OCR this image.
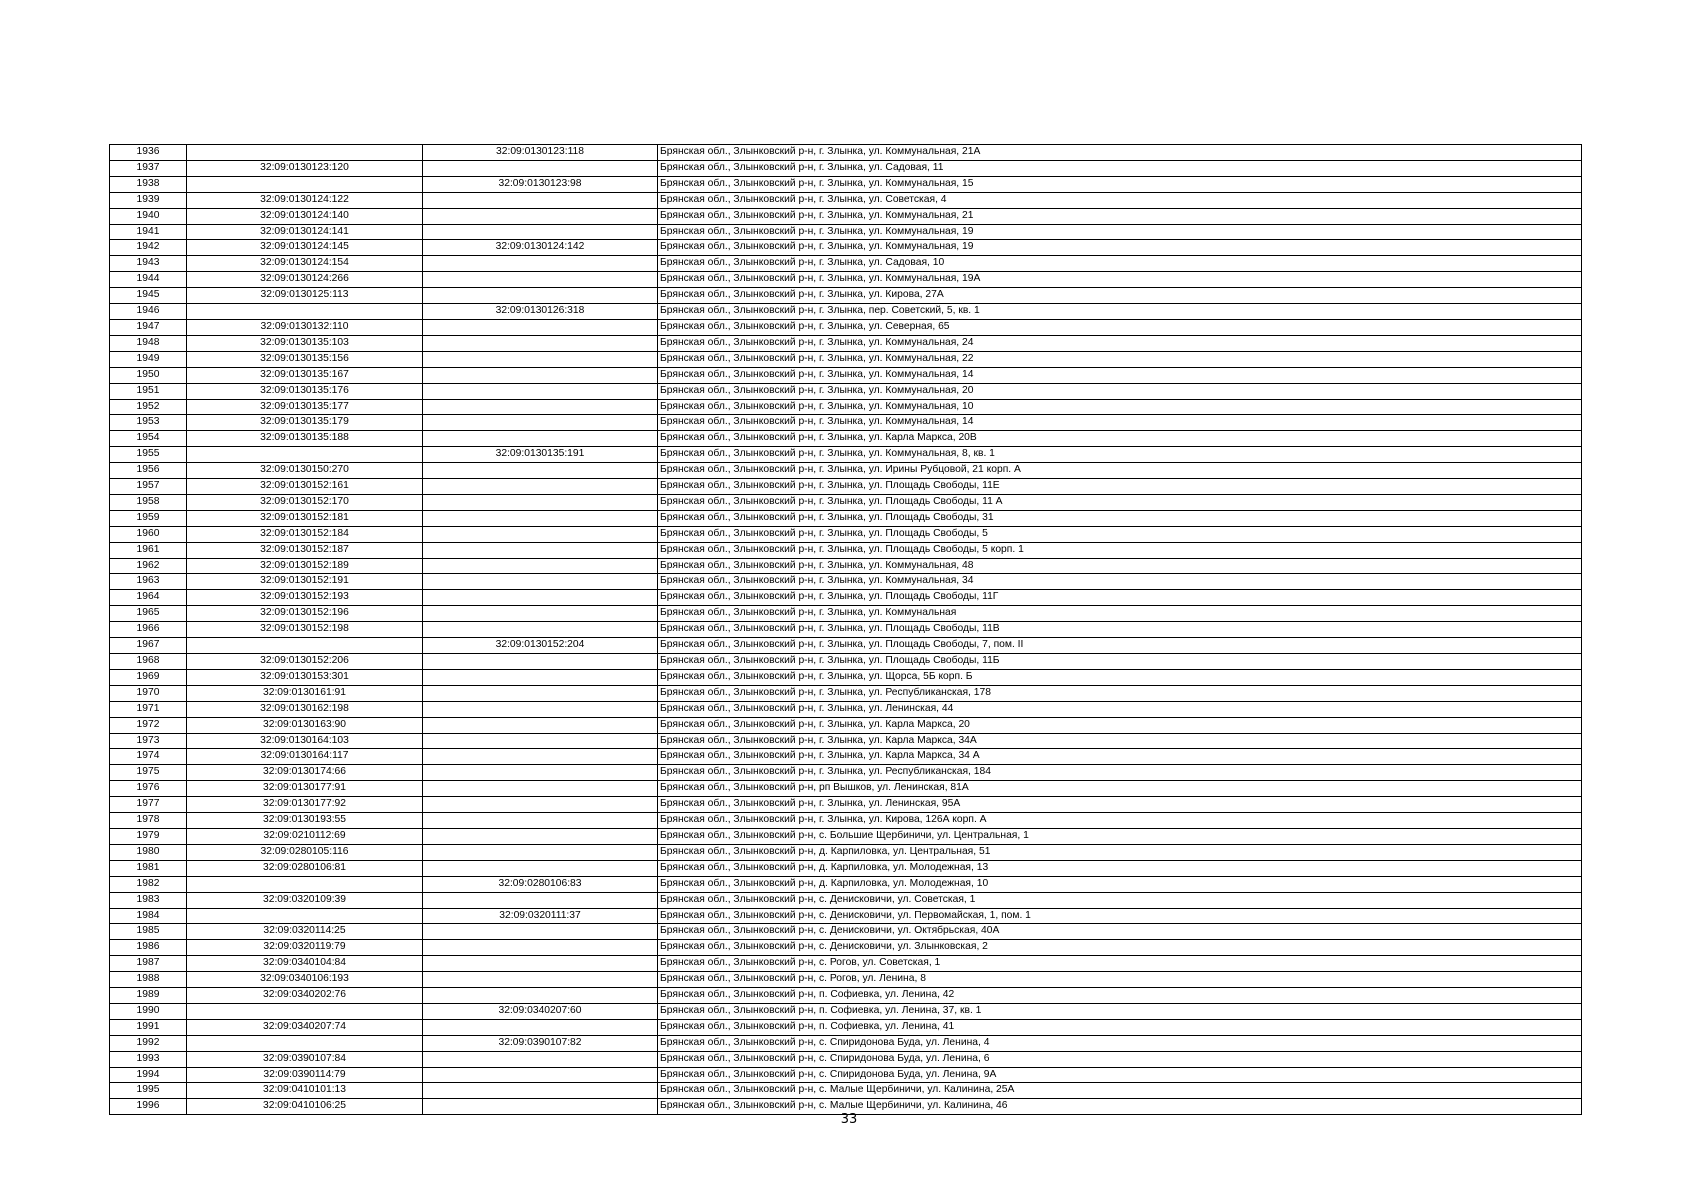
1936		32:09:0130123:118	Брянская обл., Злынковский р-н, г. Злынка, ул. Коммунальная, 21А
1937	32:09:0130123:120		Брянская обл., Злынковский р-н, г. Злынка, ул. Садовая, 11
1938		32:09:0130123:98	Брянская обл., Злынковский р-н, г. Злынка, ул. Коммунальная, 15
1939	32:09:0130124:122		Брянская обл., Злынковский р-н, г. Злынка, ул. Советская, 4
1940	32:09:0130124:140		Брянская обл., Злынковский р-н, г. Злынка, ул. Коммунальная, 21
1941	32:09:0130124:141		Брянская обл., Злынковский р-н, г. Злынка, ул. Коммунальная, 19
1942	32:09:0130124:145	32:09:0130124:142	Брянская обл., Злынковский р-н, г. Злынка, ул. Коммунальная, 19
1943	32:09:0130124:154		Брянская обл., Злынковский р-н, г. Злынка, ул. Садовая, 10
1944	32:09:0130124:266		Брянская обл., Злынковский р-н, г. Злынка, ул. Коммунальная, 19А
1945	32:09:0130125:113		Брянская обл., Злынковский р-н, г. Злынка, ул. Кирова, 27А
1946		32:09:0130126:318	Брянская обл., Злынковский р-н, г. Злынка, пер. Советский, 5, кв. 1
1947	32:09:0130132:110		Брянская обл., Злынковский р-н, г. Злынка, ул. Северная, 65
1948	32:09:0130135:103		Брянская обл., Злынковский р-н, г. Злынка, ул. Коммунальная, 24
1949	32:09:0130135:156		Брянская обл., Злынковский р-н, г. Злынка, ул. Коммунальная, 22
1950	32:09:0130135:167		Брянская обл., Злынковский р-н, г. Злынка, ул. Коммунальная, 14
1951	32:09:0130135:176		Брянская обл., Злынковский р-н, г. Злынка, ул. Коммунальная, 20
1952	32:09:0130135:177		Брянская обл., Злынковский р-н, г. Злынка, ул. Коммунальная, 10
1953	32:09:0130135:179		Брянская обл., Злынковский р-н, г. Злынка, ул. Коммунальная, 14
1954	32:09:0130135:188		Брянская обл., Злынковский р-н, г. Злынка, ул. Карла Маркса, 20В
1955		32:09:0130135:191	Брянская обл., Злынковский р-н, г. Злынка, ул. Коммунальная, 8, кв. 1
1956	32:09:0130150:270		Брянская обл., Злынковский р-н, г. Злынка, ул. Ирины Рубцовой, 21 корп. А
1957	32:09:0130152:161		Брянская обл., Злынковский р-н, г. Злынка, ул. Площадь Свободы, 11Е
1958	32:09:0130152:170		Брянская обл., Злынковский р-н, г. Злынка, ул. Площадь Свободы, 11 А
1959	32:09:0130152:181		Брянская обл., Злынковский р-н, г. Злынка, ул. Площадь Свободы, 31
1960	32:09:0130152:184		Брянская обл., Злынковский р-н, г. Злынка, ул. Площадь Свободы, 5
1961	32:09:0130152:187		Брянская обл., Злынковский р-н, г. Злынка, ул. Площадь Свободы, 5 корп. 1
1962	32:09:0130152:189		Брянская обл., Злынковский р-н, г. Злынка, ул. Коммунальная, 48
1963	32:09:0130152:191		Брянская обл., Злынковский р-н, г. Злынка, ул. Коммунальная, 34
1964	32:09:0130152:193		Брянская обл., Злынковский р-н, г. Злынка, ул. Площадь Свободы, 11Г
1965	32:09:0130152:196		Брянская обл., Злынковский р-н, г. Злынка, ул. Коммунальная
1966	32:09:0130152:198		Брянская обл., Злынковский р-н, г. Злынка, ул. Площадь Свободы, 11В
1967		32:09:0130152:204	Брянская обл., Злынковский р-н, г. Злынка, ул. Площадь Свободы, 7, пом. II
1968	32:09:0130152:206		Брянская обл., Злынковский р-н, г. Злынка, ул. Площадь Свободы, 11Б
1969	32:09:0130153:301		Брянская обл., Злынковский р-н, г. Злынка, ул. Щорса, 5Б корп. Б
1970	32:09:0130161:91		Брянская обл., Злынковский р-н, г. Злынка, ул. Республиканская, 178
1971	32:09:0130162:198		Брянская обл., Злынковский р-н, г. Злынка, ул. Ленинская, 44
1972	32:09:0130163:90		Брянская обл., Злынковский р-н, г. Злынка, ул. Карла Маркса, 20
1973	32:09:0130164:103		Брянская обл., Злынковский р-н, г. Злынка, ул. Карла Маркса, 34А
1974	32:09:0130164:117		Брянская обл., Злынковский р-н, г. Злынка, ул. Карла Маркса, 34 А
1975	32:09:0130174:66		Брянская обл., Злынковский р-н, г. Злынка, ул. Республиканская, 184
1976	32:09:0130177:91		Брянская обл., Злынковский р-н, рп Вышков, ул. Ленинская, 81А
1977	32:09:0130177:92		Брянская обл., Злынковский р-н, г. Злынка, ул. Ленинская, 95А
1978	32:09:0130193:55		Брянская обл., Злынковский р-н, г. Злынка, ул. Кирова, 126А корп. А
1979	32:09:0210112:69		Брянская обл., Злынковский р-н, с. Большие Щербиничи, ул. Центральная, 1
1980	32:09:0280105:116		Брянская обл., Злынковский р-н, д. Карпиловка, ул. Центральная, 51
1981	32:09:0280106:81		Брянская обл., Злынковский р-н, д. Карпиловка, ул. Молодежная, 13
1982		32:09:0280106:83	Брянская обл., Злынковский р-н, д. Карпиловка, ул. Молодежная, 10
1983	32:09:0320109:39		Брянская обл., Злынковский р-н, с. Денисковичи, ул. Советская, 1
1984		32:09:0320111:37	Брянская обл., Злынковский р-н, с. Денисковичи, ул. Первомайская, 1, пом. 1
1985	32:09:0320114:25		Брянская обл., Злынковский р-н, с. Денисковичи, ул. Октябрьская, 40А
1986	32:09:0320119:79		Брянская обл., Злынковский р-н, с. Денисковичи, ул. Злынковская, 2
1987	32:09:0340104:84		Брянская обл., Злынковский р-н, с. Рогов, ул. Советская, 1
1988	32:09:0340106:193		Брянская обл., Злынковский р-н, с. Рогов, ул. Ленина, 8
1989	32:09:0340202:76		Брянская обл., Злынковский р-н, п. Софиевка, ул. Ленина, 42
1990		32:09:0340207:60	Брянская обл., Злынковский р-н, п. Софиевка, ул. Ленина, 37, кв. 1
1991	32:09:0340207:74		Брянская обл., Злынковский р-н, п. Софиевка, ул. Ленина, 41
1992		32:09:0390107:82	Брянская обл., Злынковский р-н, с. Спиридонова Буда, ул. Ленина, 4
1993	32:09:0390107:84		Брянская обл., Злынковский р-н, с. Спиридонова Буда, ул. Ленина, 6
1994	32:09:0390114:79		Брянская обл., Злынковский р-н, с. Спиридонова Буда, ул. Ленина, 9А
1995	32:09:0410101:13		Брянская обл., Злынковский р-н, с. Малые Щербиничи, ул. Калинина, 25А
1996	32:09:0410106:25		Брянская обл., Злынковский р-н, с. Малые Щербиничи, ул. Калинина, 46
33
